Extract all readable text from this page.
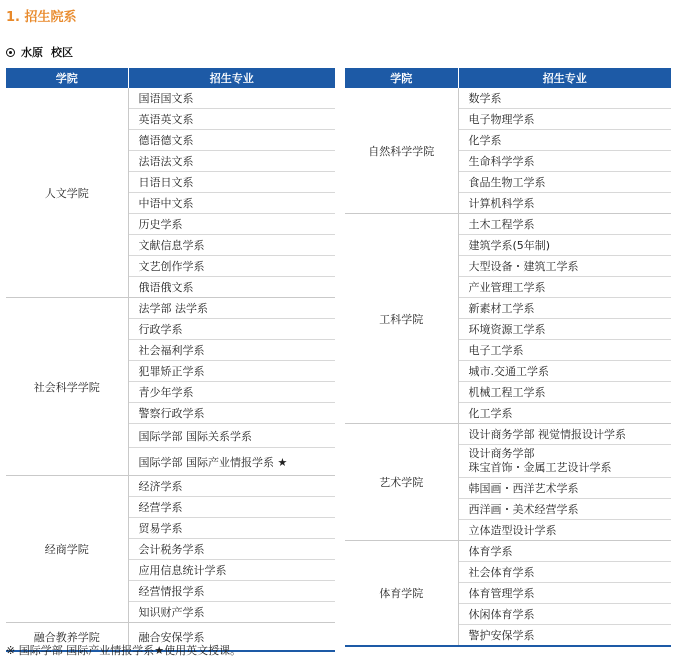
1. 招生院系
水原 校区
学院	招生专业
人文学院	国语国文系
	英语英文系
	德语德文系
	法语法文系
	日语日文系
	中语中文系
	历史学系
	文献信息学系
	文艺创作学系
	俄语俄文系
社会科学学院	法学部 法学系
	行政学系
	社会福利学系
	犯罪矫正学系
	青少年学系
	警察行政学系
	国际学部 国际关系学系
	国际学部 国际产业情报学系 ★
经商学院	经济学系
	经营学系
	贸易学系
	会计税务学系
	应用信息统计学系
	经营情报学系
	知识财产学系
融合教养学院	融合安保学系
学院	招生专业
自然科学学院	数学系
	电子物理学系
	化学系
	生命科学学系
	食品生物工学系
	计算机科学系
工科学院	土木工程学系
	建筑学系(5年制)
	大型设备・建筑工学系
	产业管理工学系
	新素材工学系
	环境资源工学系
	电子工学系
	城市.交通工学系
	机械工程工学系
	化工学系
艺术学院	设计商务学部 视觉情报设计学系
	设计商务学部
珠宝首饰・金属工艺设计学系
	韩国画・西洋艺术学系
	西洋画・美术经营学系
	立体造型设计学系
体育学院	体育学系
	社会体育学系
	体育管理学系
	休闲体育学系
	警护安保学系
※ 国际学部 国际产业情报学系★使用英文授课。
